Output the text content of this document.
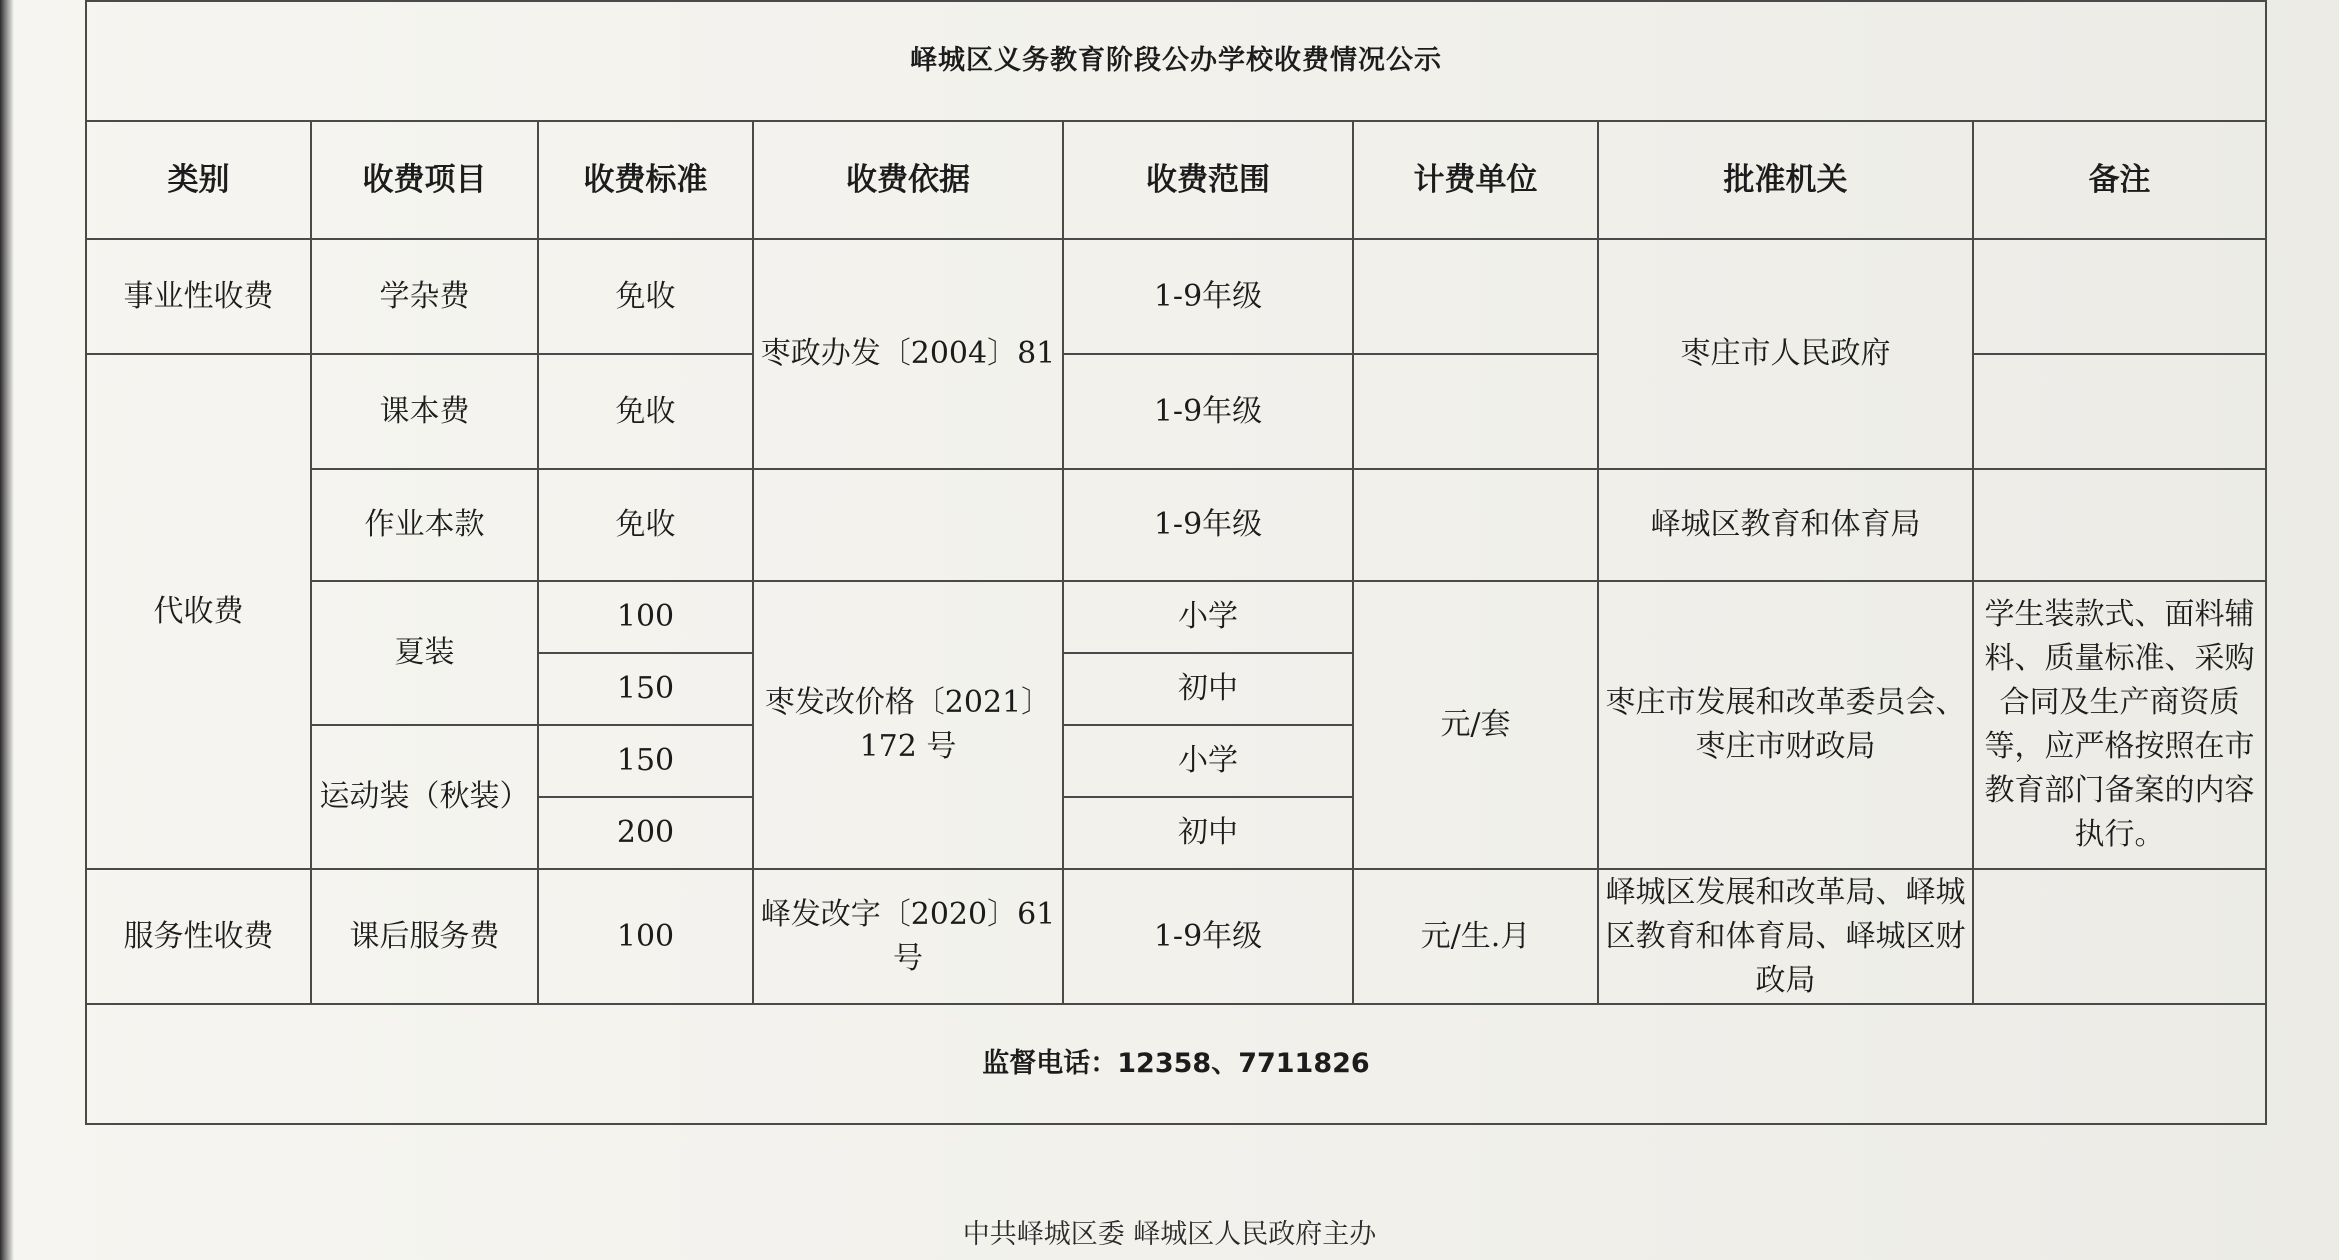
峄城区义务教育阶段公办学校收费情况公示							
类别	收费项目	收费标准	收费依据	收费范围	计费单位	批准机关	备注
事业性收费	学杂费	免收	枣政办发〔2004〕81	1-9年级		枣庄市人民政府	
代收费	课本费	免收		1-9年级			
	作业本款	免收		1-9年级		峄城区教育和体育局	
	夏装	100	枣发改价格〔2021〕 172 号	小学	元/套	枣庄市发展和改革委员会、枣庄市财政局	学生装款式、面料辅料、质量标准、采购合同及生产商资质等，应严格按照在市教育部门备案的内容执行。
		150		初中			
	运动装（秋装）	150		小学			
		200		初中			
服务性收费	课后服务费	100	峄发改字〔2020〕61号	1-9年级	元/生.月	峄城区发展和改革局、峄城区教育和体育局、峄城区财政局	
监督电话：12358、7711826							
中共峄城区委 峄城区人民政府主办
